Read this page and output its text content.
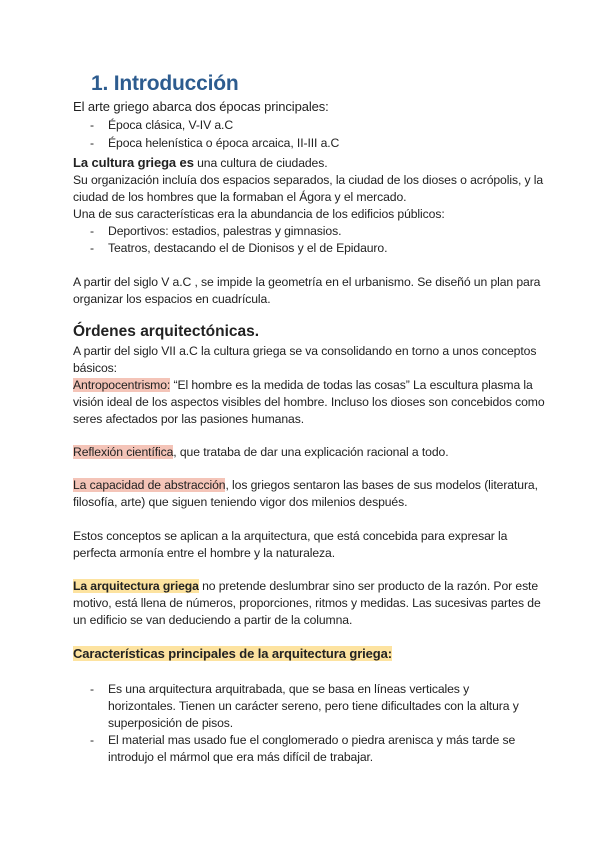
1. Introducción
El arte griego abarca dos épocas principales:
- Época clásica, V-IV a.C
- Época helenística o época arcaica, II-III a.C
La cultura griega es una cultura de ciudades.
Su organización incluía dos espacios separados, la ciudad de los dioses o acrópolis, y la
ciudad de los hombres que la formaban el Ágora y el mercado.
Una de sus características era la abundancia de los edificios públicos:
- Deportivos: estadios, palestras y gimnasios.
- Teatros, destacando el de Dionisos y el de Epidauro.
A partir del siglo V a.C , se impide la geometría en el urbanismo. Se diseñó un plan para
organizar los espacios en cuadrícula.
Órdenes arquitectónicas.
A partir del siglo VII a.C la cultura griega se va consolidando en torno a unos conceptos
básicos:
Antropocentrismo: “El hombre es la medida de todas las cosas” La escultura plasma la
visión ideal de los aspectos visibles del hombre. Incluso los dioses son concebidos como
seres afectados por las pasiones humanas.
Reflexión científica, que trataba de dar una explicación racional a todo.
La capacidad de abstracción, los griegos sentaron las bases de sus modelos (literatura,
filosofía, arte) que siguen teniendo vigor dos milenios después.
Estos conceptos se aplican a la arquitectura, que está concebida para expresar la
perfecta armonía entre el hombre y la naturaleza.
La arquitectura griega no pretende deslumbrar sino ser producto de la razón. Por este
motivo, está llena de números, proporciones, ritmos y medidas. Las sucesivas partes de
un edificio se van deduciendo a partir de la columna.
Características principales de la arquitectura griega:
- Es una arquitectura arquitrabada, que se basa en líneas verticales y
horizontales. Tienen un carácter sereno, pero tiene dificultades con la altura y
superposición de pisos.
- El material mas usado fue el conglomerado o piedra arenisca y más tarde se
introdujo el mármol que era más difícil de trabajar.
